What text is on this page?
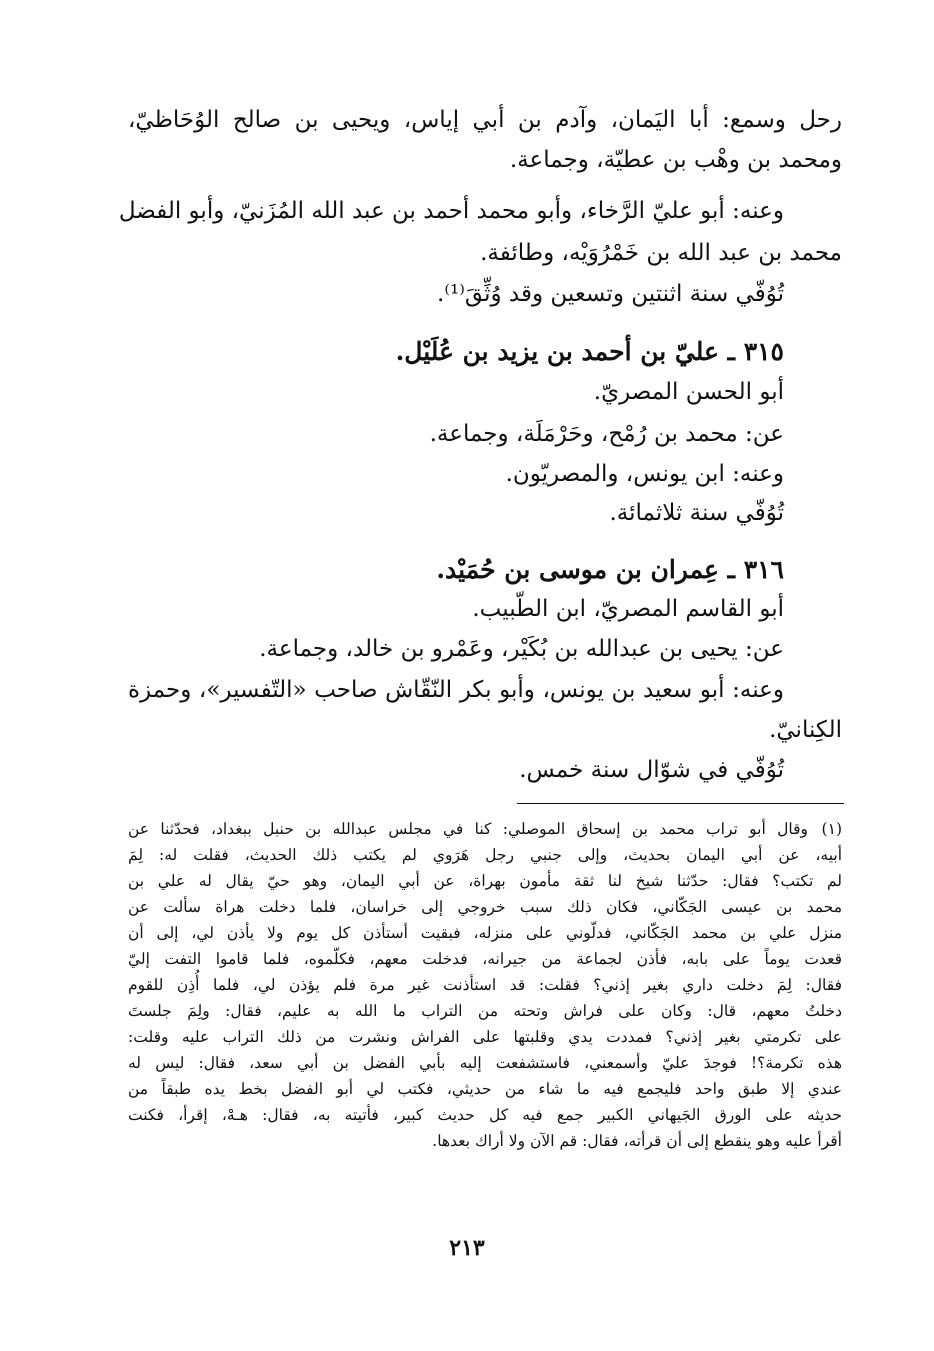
رحل وسمع: أبا اليَمان، وآدم بن أبي إياس، ويحيى بن صالح الوُحَاظيّ،
ومحمد بن وهْب بن عطيّة، وجماعة.
وعنه: أبو عليّ الرَّخاء، وأبو محمد أحمد بن عبد الله المُزَنيّ، وأبو الفضل
محمد بن عبد الله بن خَمْرُوَيْه، وطائفة.
تُوُفّي سنة اثنتين وتسعين وقد وُثِّقَ⁽¹⁾.
٣١٥ ـ عليّ بن أحمد بن يزيد بن عُلَيْل.
أبو الحسن المصريّ.
عن: محمد بن رُمْح، وحَرْمَلَة، وجماعة.
وعنه: ابن يونس، والمصريّون.
تُوُفّي سنة ثلاثمائة.
٣١٦ ـ عِمران بن موسى بن حُمَيْد.
أبو القاسم المصريّ، ابن الطّبيب.
عن: يحيى بن عبدالله بن بُكَيْر، وعَمْرو بن خالد، وجماعة.
وعنه: أبو سعيد بن يونس، وأبو بكر النّقّاش صاحب «التّفسير»، وحمزة
الكِنانيّ.
تُوُفّي في شوّال سنة خمس.
(١)وقال أبو تراب محمد بن إسحاق الموصلي: كنا في مجلس عبدالله بن حنبل ببغداد، فحدّثنا عن
أبيه، عن أبي اليمان بحديث، وإلى جنبي رجل هَرَوي لم يكتب ذلك الحديث، فقلت له: لِمَ
لم تكتب؟ فقال: حدّثنا شيخ لنا ثقة مأمون بهراة، عن أبي اليمان، وهو حيّ يقال له علي بن
محمد بن عيسى الجَكّاني، فكان ذلك سبب خروجي إلى خراسان، فلما دخلت هراة سألت عن
منزل علي بن محمد الجَكّاني، فدلّوني على منزله، فبقيت أستأذن كل يوم ولا يأذن لي، إلى أن
قعدت يوماً على بابه، فأذن لجماعة من جيرانه، فدخلت معهم، فكلّموه، فلما قاموا التفت إليّ
فقال: لِمَ دخلت داري بغير إذني؟ فقلت: قد استأذنت غير مرة فلم يؤذن لي، فلما أُذِن للقوم
دخلتُ معهم، قال: وكان على فراش وتحته من التراب ما الله به عليم، فقال: ولِمَ جلستَ
على تكرمتي بغير إذني؟ فمددت يدي وقلبتها على الفراش ونشرت من ذلك التراب عليه وقلت:
هذه تكرمة؟! فوجدَ عليّ وأسمعني، فاستشفعت إليه بأبي الفضل بن أبي سعد، فقال: ليس له
عندي إلا طبق واحد فليجمع فيه ما شاء من حديثي، فكتب لي أبو الفضل بخط يده طبقاً من
حديثه على الورق الجَيهاني الكبير جمع فيه كل حديث كبير، فأتيته به، فقال: هـهْ، إقرأ، فكنت
أقرأ عليه وهو ينقطع إلى أن قرأته، فقال: قم الآن ولا أراك بعدها.
٢١٣
